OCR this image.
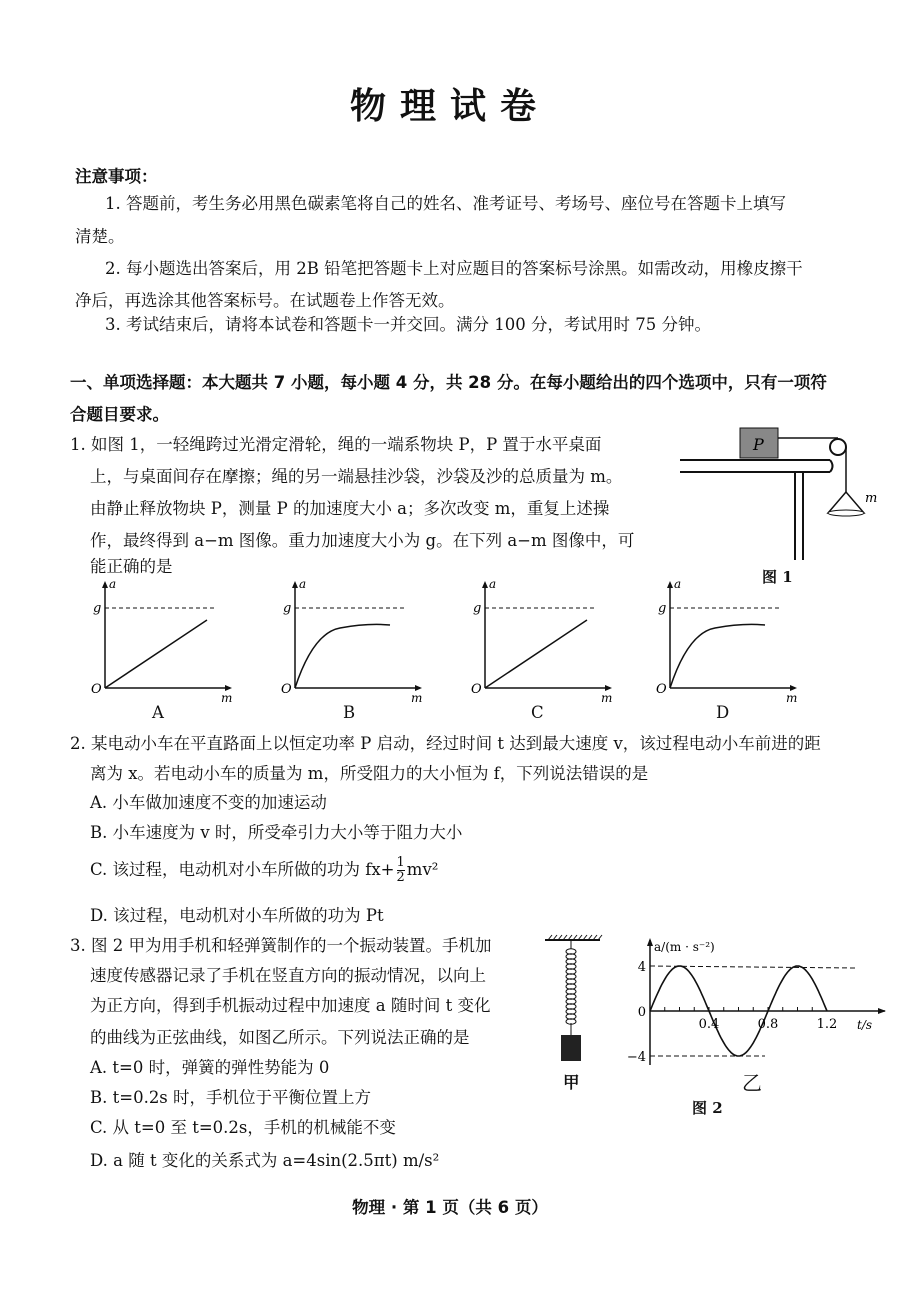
物理试卷
注意事项：
1. 答题前，考生务必用黑色碳素笔将自己的姓名、准考证号、考场号、座位号在答题卡上填写
清楚。
2. 每小题选出答案后，用 2B 铅笔把答题卡上对应题目的答案标号涂黑。如需改动，用橡皮擦干
净后，再选涂其他答案标号。在试题卷上作答无效。
3. 考试结束后，请将本试卷和答题卡一并交回。满分 100 分，考试用时 75 分钟。
一、单项选择题：本大题共 7 小题，每小题 4 分，共 28 分。在每小题给出的四个选项中，只有一项符
合题目要求。
1. 如图 1，一轻绳跨过光滑定滑轮，绳的一端系物块 P，P 置于水平桌面
上，与桌面间存在摩擦；绳的另一端悬挂沙袋，沙袋及沙的总质量为 m。
由静止释放物块 P，测量 P 的加速度大小 a；多次改变 m，重复上述操
作，最终得到 a−m 图像。重力加速度大小为 g。在下列 a−m 图像中，可
能正确的是
P
m
图 1
a
g
O
m
a
g
O
m
a
g
O
m
a
g
O
m
A	B	C	D
2. 某电动小车在平直路面上以恒定功率 P 启动，经过时间 t 达到最大速度 v，该过程电动小车前进的距
离为 x。若电动小车的质量为 m，所受阻力的大小恒为 f，下列说法错误的是
A. 小车做加速度不变的加速运动
B. 小车速度为 v 时，所受牵引力大小等于阻力大小
C. 该过程，电动机对小车所做的功为 $fx+ \frac{1}{2} mv^2$
D. 该过程，电动机对小车所做的功为 Pt
3. 图 2 甲为用手机和轻弹簧制作的一个振动装置。手机加
速度传感器记录了手机在竖直方向的振动情况，以向上
为正方向，得到手机振动过程中加速度 a 随时间 t 变化
的曲线为正弦曲线，如图乙所示。下列说法正确的是
A. t=0 时，弹簧的弹性势能为 0
B. t=0.2s 时，手机位于平衡位置上方
C. 从 t=0 至 t=0.2s，手机的机械能不变
D. a 随 t 变化的关系式为 a=4sin(2.5πt) m/s²
甲
a/(m · s⁻²)
t/s
4
0
−4
0.4	0.8	1.2
乙
图 2
物理 · 第 1 页（共 6 页）
